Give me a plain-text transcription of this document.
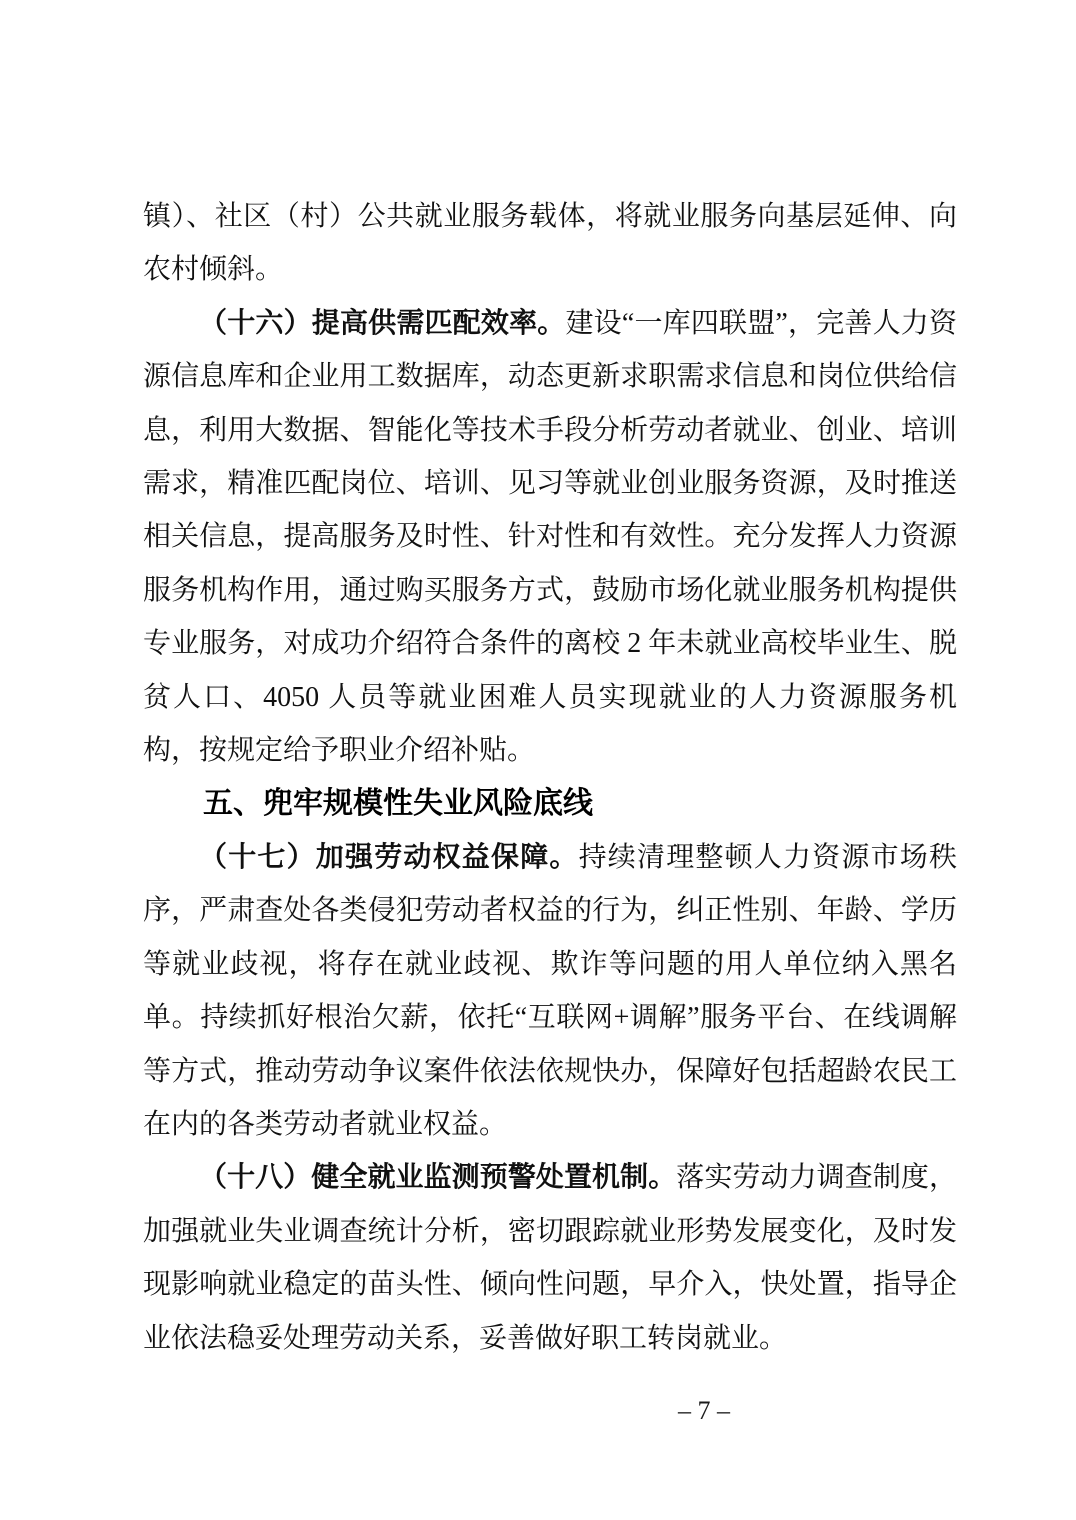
镇）、社区（村）公共就业服务载体，将就业服务向基层延伸、向农村倾斜。

（十六）提高供需匹配效率。建设“一库四联盟”，完善人力资源信息库和企业用工数据库，动态更新求职需求信息和岗位供给信息，利用大数据、智能化等技术手段分析劳动者就业、创业、培训需求，精准匹配岗位、培训、见习等就业创业服务资源，及时推送相关信息，提高服务及时性、针对性和有效性。充分发挥人力资源服务机构作用，通过购买服务方式，鼓励市场化就业服务机构提供专业服务，对成功介绍符合条件的离校 2 年未就业高校毕业生、脱贫人口、4050 人员等就业困难人员实现就业的人力资源服务机构，按规定给予职业介绍补贴。

五、兜牢规模性失业风险底线

（十七）加强劳动权益保障。持续清理整顿人力资源市场秩序，严肃查处各类侵犯劳动者权益的行为，纠正性别、年龄、学历等就业歧视，将存在就业歧视、欺诈等问题的用人单位纳入黑名单。持续抓好根治欠薪，依托“互联网+调解”服务平台、在线调解等方式，推动劳动争议案件依法依规快办，保障好包括超龄农民工在内的各类劳动者就业权益。

（十八）健全就业监测预警处置机制。落实劳动力调查制度，加强就业失业调查统计分析，密切跟踪就业形势发展变化，及时发现影响就业稳定的苗头性、倾向性问题，早介入，快处置，指导企业依法稳妥处理劳动关系，妥善做好职工转岗就业。

– 7 –
